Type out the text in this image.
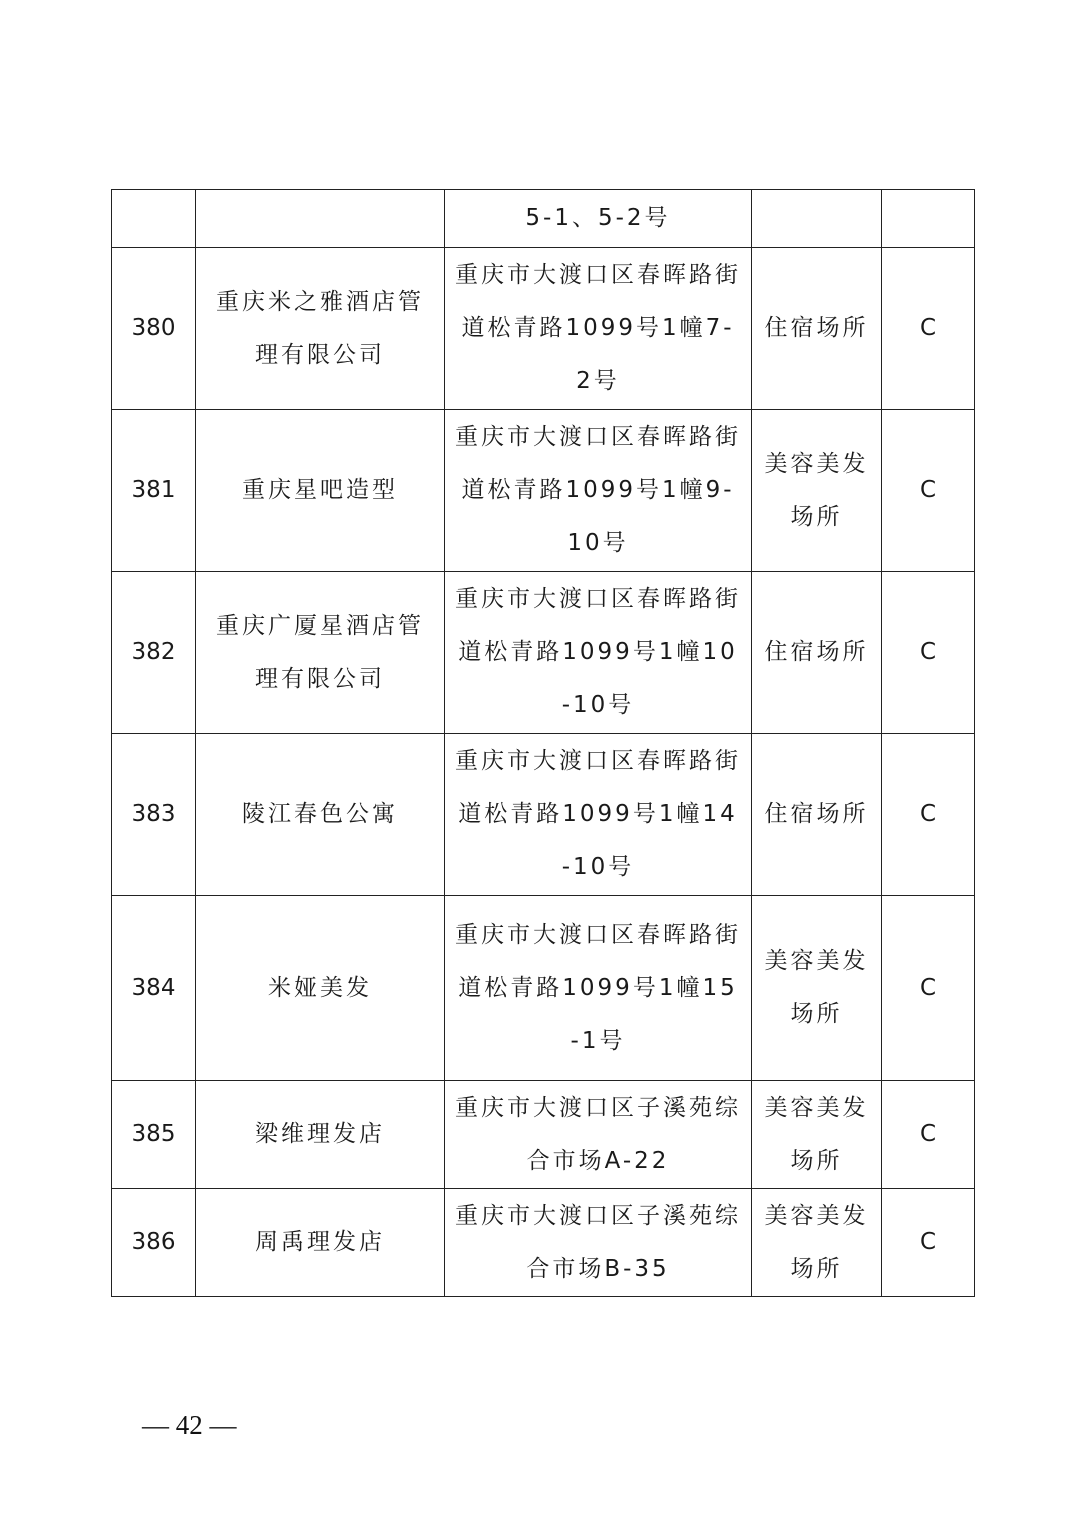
		5-1、5-2号		
380	重庆米之雅酒店管理有限公司	重庆市大渡口区春晖路街道松青路1099号1幢7-2号	住宿场所	C
381	重庆星吧造型	重庆市大渡口区春晖路街道松青路1099号1幢9-10号	美容美发场所	C
382	重庆广厦星酒店管理有限公司	重庆市大渡口区春晖路街道松青路1099号1幢10-10号	住宿场所	C
383	陵江春色公寓	重庆市大渡口区春晖路街道松青路1099号1幢14-10号	住宿场所	C
384	米娅美发	重庆市大渡口区春晖路街道松青路1099号1幢15-1号	美容美发场所	C
385	梁维理发店	重庆市大渡口区子溪苑综合市场A-22	美容美发场所	C
386	周禹理发店	重庆市大渡口区子溪苑综合市场B-35	美容美发场所	C
— 42 —
